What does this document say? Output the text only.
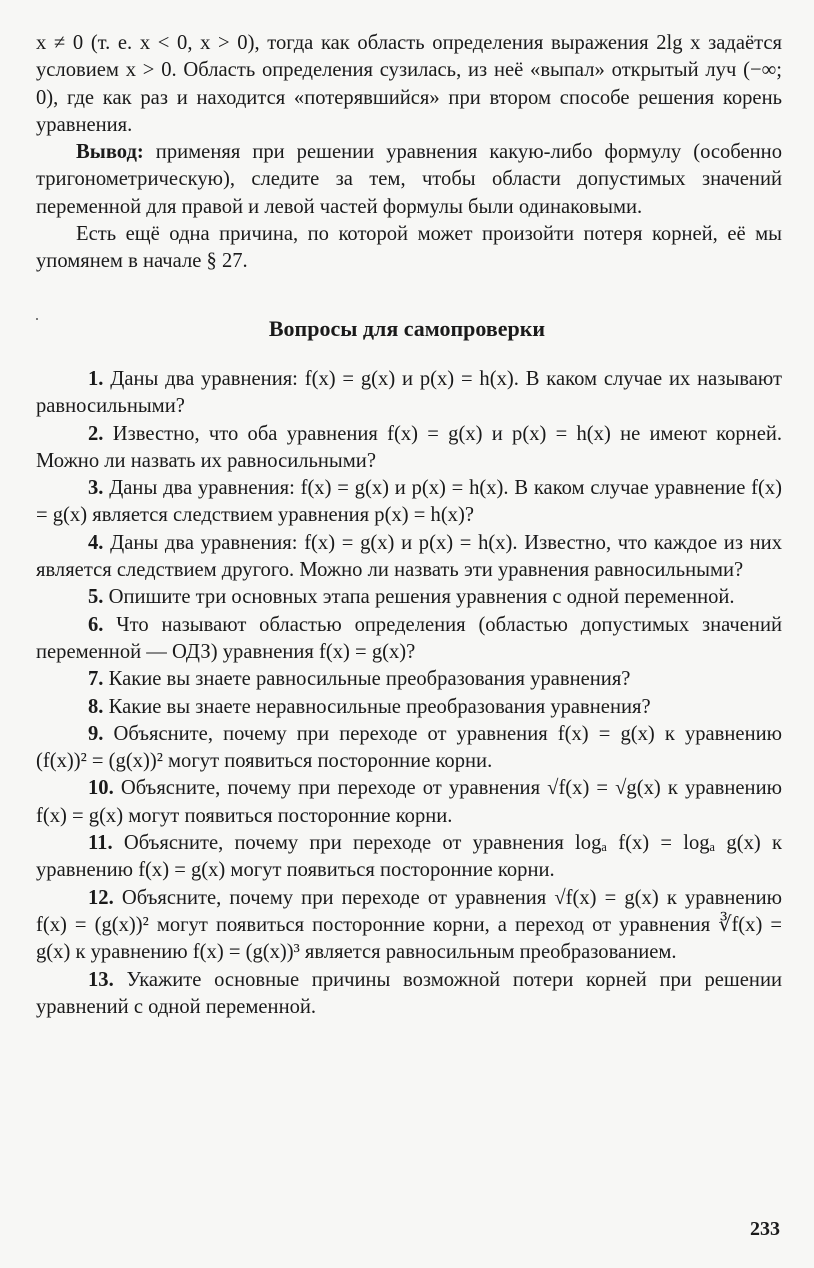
x ≠ 0 (т. е. x < 0, x > 0), тогда как область определения выражения 2lg x задаётся условием x > 0. Область определения сузилась, из неё «выпал» открытый луч (−∞; 0), где как раз и находится «потерявшийся» при втором способе решения корень уравнения.

Вывод: применяя при решении уравнения какую-либо формулу (особенно тригонометрическую), следите за тем, чтобы области допустимых значений переменной для правой и левой частей формулы были одинаковыми.

Есть ещё одна причина, по которой может произойти потеря корней, её мы упомянем в начале § 27.

Вопросы для самопроверки

1. Даны два уравнения: f(x) = g(x) и p(x) = h(x). В каком случае их называют равносильными?

2. Известно, что оба уравнения f(x) = g(x) и p(x) = h(x) не имеют корней. Можно ли назвать их равносильными?

3. Даны два уравнения: f(x) = g(x) и p(x) = h(x). В каком случае уравнение f(x) = g(x) является следствием уравнения p(x) = h(x)?

4. Даны два уравнения: f(x) = g(x) и p(x) = h(x). Известно, что каждое из них является следствием другого. Можно ли назвать эти уравнения равносильными?

5. Опишите три основных этапа решения уравнения с одной переменной.

6. Что называют областью определения (областью допустимых значений переменной — ОДЗ) уравнения f(x) = g(x)?

7. Какие вы знаете равносильные преобразования уравнения?

8. Какие вы знаете неравносильные преобразования уравнения?

9. Объясните, почему при переходе от уравнения f(x) = g(x) к уравнению (f(x))² = (g(x))² могут появиться посторонние корни.

10. Объясните, почему при переходе от уравнения √f(x) = √g(x) к уравнению f(x) = g(x) могут появиться посторонние корни.

11. Объясните, почему при переходе от уравнения logₐ f(x) = logₐ g(x) к уравнению f(x) = g(x) могут появиться посторонние корни.

12. Объясните, почему при переходе от уравнения √f(x) = g(x) к уравнению f(x) = (g(x))² могут появиться посторонние корни, а переход от уравнения ∛f(x) = g(x) к уравнению f(x) = (g(x))³ является равносильным преобразованием.

13. Укажите основные причины возможной потери корней при решении уравнений с одной переменной.

233
